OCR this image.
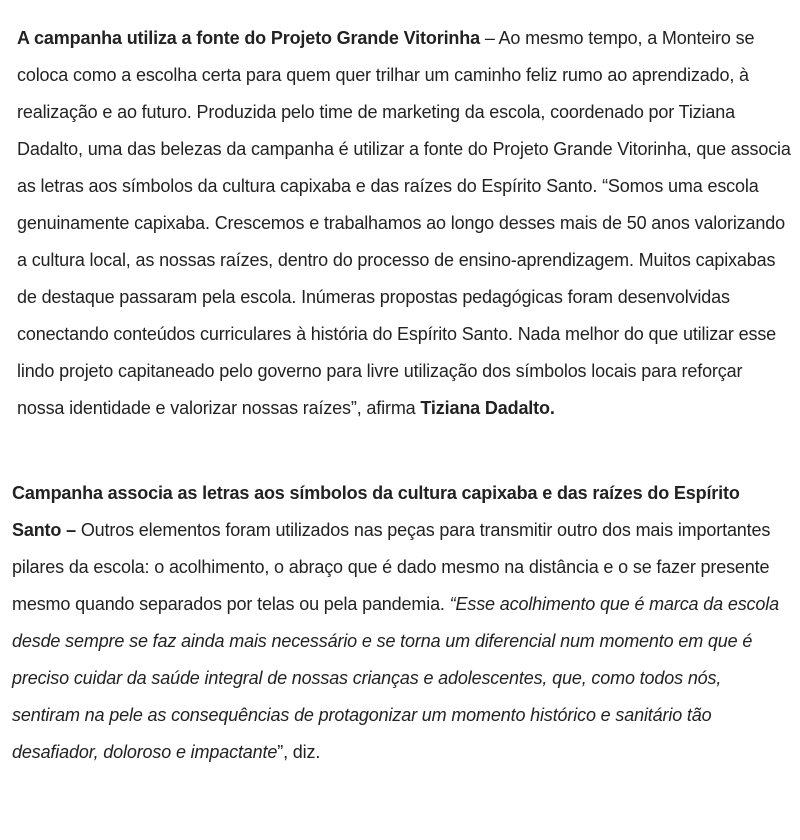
A campanha utiliza a fonte do Projeto Grande Vitorinha – Ao mesmo tempo, a Monteiro se coloca como a escolha certa para quem quer trilhar um caminho feliz rumo ao aprendizado, à realização e ao futuro. Produzida pelo time de marketing da escola, coordenado por Tiziana Dadalto, uma das belezas da campanha é utilizar a fonte do Projeto Grande Vitorinha, que associa as letras aos símbolos da cultura capixaba e das raízes do Espírito Santo. “Somos uma escola genuinamente capixaba. Crescemos e trabalhamos ao longo desses mais de 50 anos valorizando a cultura local, as nossas raízes, dentro do processo de ensino-aprendizagem. Muitos capixabas de destaque passaram pela escola. Inúmeras propostas pedagógicas foram desenvolvidas conectando conteúdos curriculares à história do Espírito Santo. Nada melhor do que utilizar esse lindo projeto capitaneado pelo governo para livre utilização dos símbolos locais para reforçar nossa identidade e valorizar nossas raízes”, afirma Tiziana Dadalto.

Campanha associa as letras aos símbolos da cultura capixaba e das raízes do Espírito Santo – Outros elementos foram utilizados nas peças para transmitir outro dos mais importantes pilares da escola: o acolhimento, o abraço que é dado mesmo na distância e o se fazer presente mesmo quando separados por telas ou pela pandemia. “Esse acolhimento que é marca da escola desde sempre se faz ainda mais necessário e se torna um diferencial num momento em que é preciso cuidar da saúde integral de nossas crianças e adolescentes, que, como todos nós, sentiram na pele as consequências de protagonizar um momento histórico e sanitário tão desafiador, doloroso e impactante”, diz.
